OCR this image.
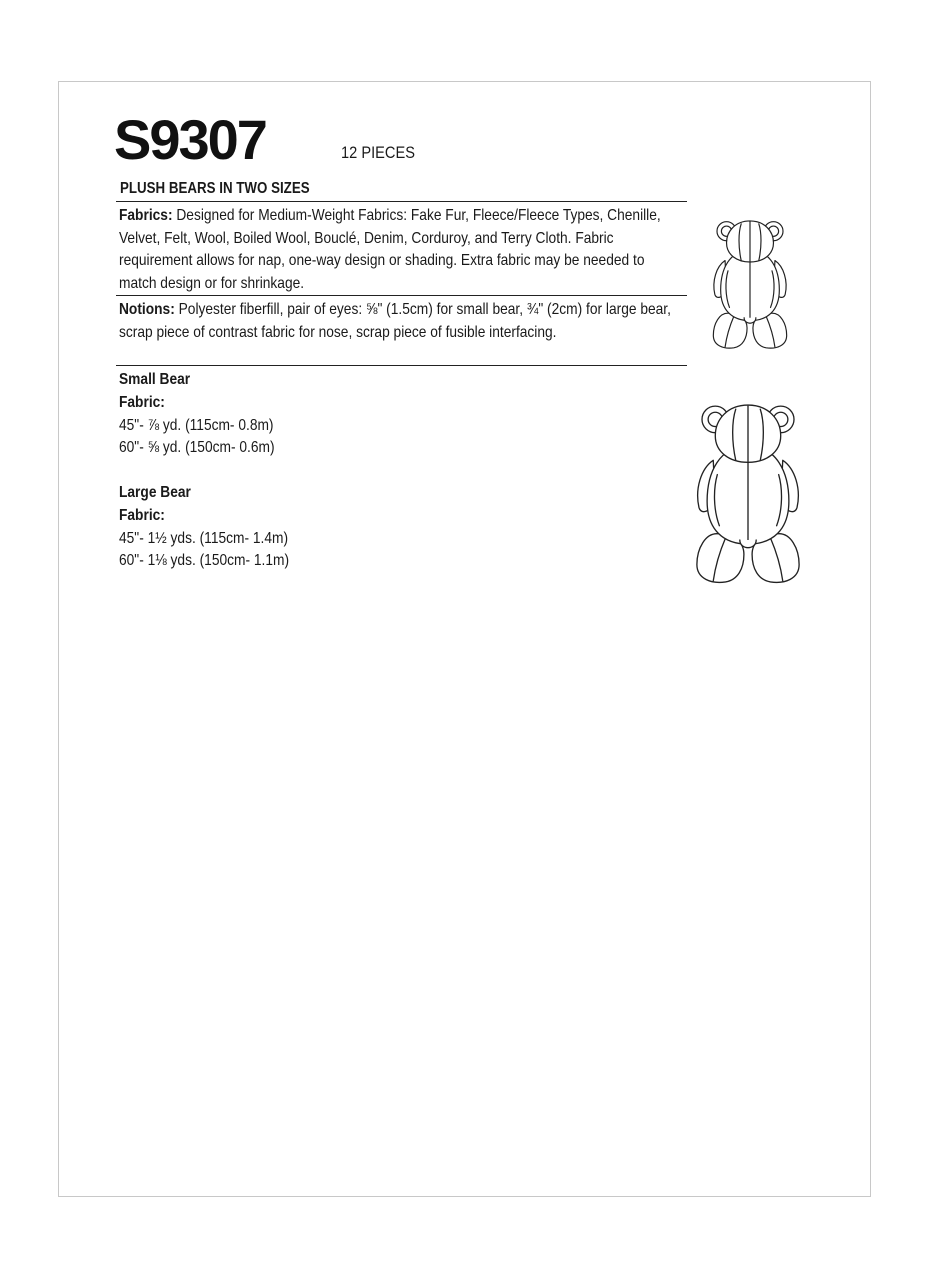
S9307	12 PIECES
PLUSH BEARS IN TWO SIZES
Fabrics: Designed for Medium-Weight Fabrics: Fake Fur, Fleece/Fleece Types, Chenille, Velvet, Felt, Wool, Boiled Wool, Bouclé, Denim, Corduroy, and Terry Cloth. Fabric requirement allows for nap, one-way design or shading. Extra fabric may be needed to match design or for shrinkage.
Notions: Polyester fiberfill, pair of eyes: ⅝" (1.5cm) for small bear, ¾" (2cm) for large bear, scrap piece of contrast fabric for nose, scrap piece of fusible interfacing.
Small Bear
Fabric:
45"- ⅞ yd. (115cm- 0.8m)
60"- ⅝ yd. (150cm- 0.6m)
Large Bear
Fabric:
45"- 1½ yds. (115cm- 1.4m)
60"- 1⅛ yds. (150cm- 1.1m)
